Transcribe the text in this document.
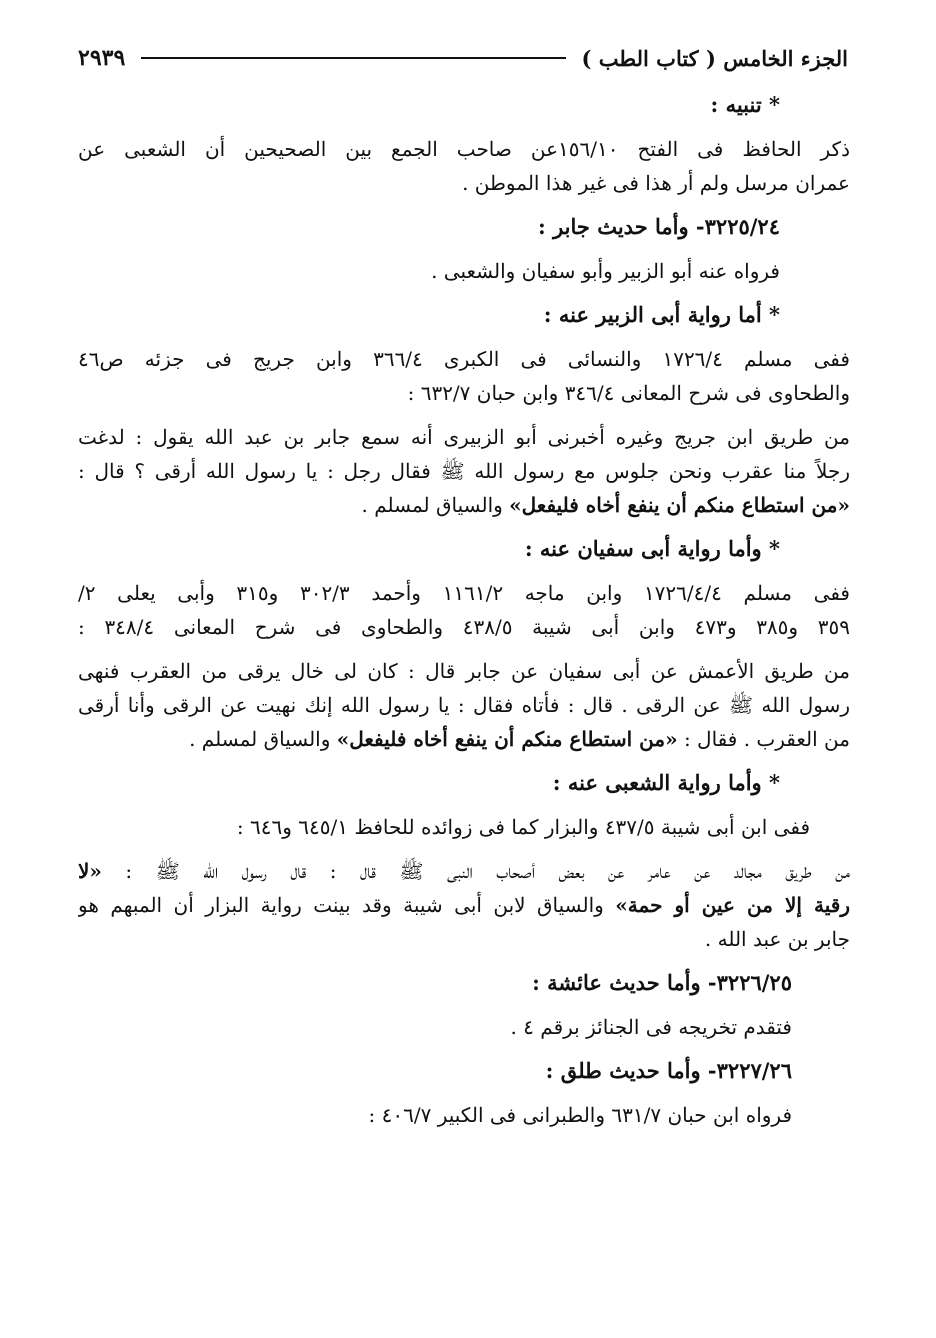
٢٩٣٩	الجزء الخامس ( كتاب الطب )
* تنبيه :
ذكر الحافظ فى الفتح ١٥٦/١٠عن صاحب الجمع بين الصحيحين أن الشعبى عن
عمران مرسل ولم أر هذا فى غير هذا الموطن .
٣٢٢٥/٢٤- وأما حديث جابر :
فرواه عنه أبو الزبير وأبو سفيان والشعبى .
* أما رواية أبى الزبير عنه :
ففى مسلم ١٧٢٦/٤ والنسائى فى الكبرى ٣٦٦/٤ وابن جريج فى جزئه ص٤٦
والطحاوى فى شرح المعانى ٣٤٦/٤ وابن حبان ٦٣٢/٧ :
من طريق ابن جريج وغيره أخبرنى أبو الزبيرى أنه سمع جابر بن عبد الله يقول : لدغت
رجلاً منا عقرب ونحن جلوس مع رسول الله ﷺ فقال رجل : يا رسول الله أرقى ؟ قال :
«من استطاع منكم أن ينفع أخاه فليفعل» والسياق لمسلم .
* وأما رواية أبى سفيان عنه :
ففى مسلم ١٧٢٦/٤/٤ وابن ماجه ١١٦١/٢ وأحمد ٣٠٢/٣ و٣١٥ وأبى يعلى ٢/
٣٥٩ و٣٨٥ و٤٧٣ وابن أبى شيبة ٤٣٨/٥ والطحاوى فى شرح المعانى ٣٤٨/٤ :
من طريق الأعمش عن أبى سفيان عن جابر قال : كان لى خال يرقى من العقرب فنهى
رسول الله ﷺ عن الرقى . قال : فأتاه فقال : يا رسول الله إنك نهيت عن الرقى وأنا أرقى
من العقرب . فقال : «من استطاع منكم أن ينفع أخاه فليفعل» والسياق لمسلم .
* وأما رواية الشعبى عنه :
ففى ابن أبى شيبة ٤٣٧/٥ والبزار كما فى زوائده للحافظ ٦٤٥/١ و٦٤٦ :
من طريق مجالد عن عامر عن بعض أصحاب النبى ﷺ قال : قال رسول الله ﷺ : «لا
رقية إلا من عين أو حمة» والسياق لابن أبى شيبة وقد بينت رواية البزار أن المبهم هو
جابر بن عبد الله .
٣٢٢٦/٢٥- وأما حديث عائشة :
فتقدم تخريجه فى الجنائز برقم ٤ .
٣٢٢٧/٢٦- وأما حديث طلق :
فرواه ابن حبان ٦٣١/٧ والطبرانى فى الكبير ٤٠٦/٧ :
